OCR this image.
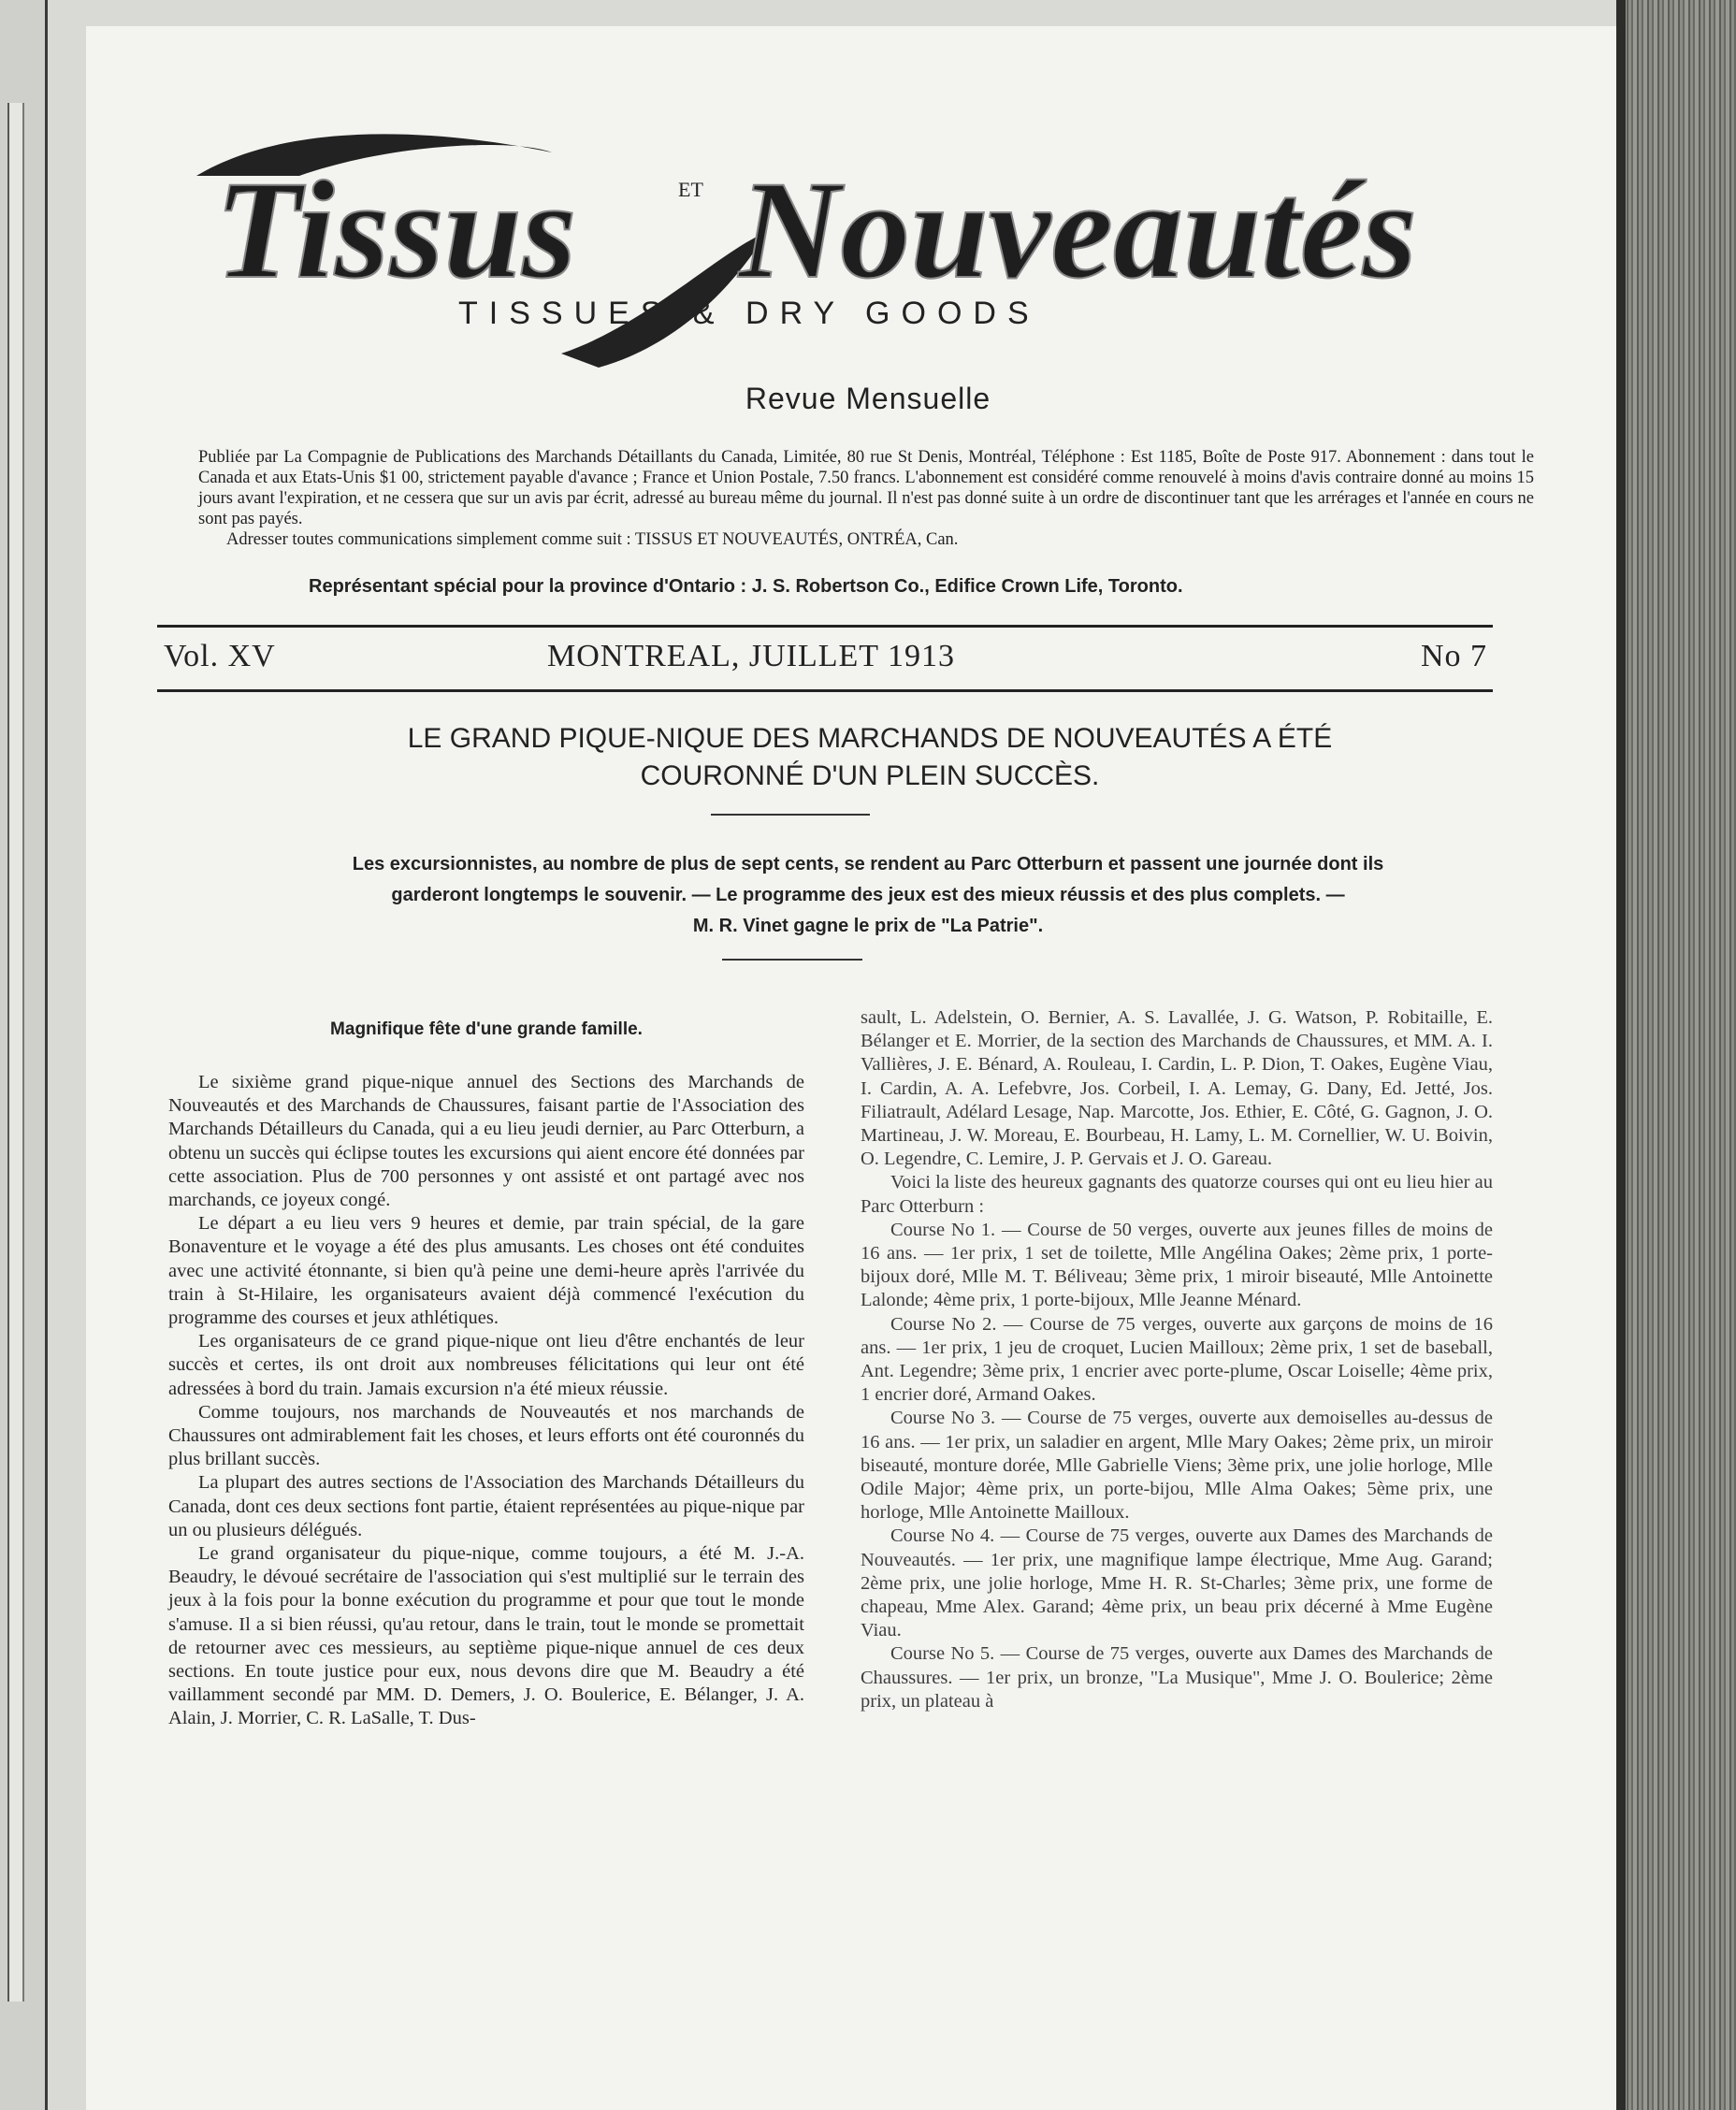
Tissus	ET Nouveautés
TISSUES & DRY GOODS
Revue Mensuelle
Publiée par La Compagnie de Publications des Marchands Détaillants du Canada, Limitée, 80 rue St Denis, Montréal, Téléphone : Est 1185, Boîte de Poste 917. Abonnement : dans tout le Canada et aux Etats-Unis $1 00, strictement payable d'avance ; France et Union Postale, 7.50 francs. L'abonnement est considéré comme renouvelé à moins d'avis contraire donné au moins 15 jours avant l'expiration, et ne cessera que sur un avis par écrit, adressé au bureau même du journal. Il n'est pas donné suite à un ordre de discontinuer tant que les arrérages et l'année en cours ne sont pas payés.
Adresser toutes communications simplement comme suit : TISSUS ET NOUVEAUTÉS, ONTRÉA, Can.
Représentant spécial pour la province d'Ontario : J. S. Robertson Co., Edifice Crown Life, Toronto.
Vol. XV	MONTREAL, JUILLET 1913	No 7
LE GRAND PIQUE-NIQUE DES MARCHANDS DE NOUVEAUTÉS A ÉTÉ
COURONNÉ D'UN PLEIN SUCCÈS.
Les excursionnistes, au nombre de plus de sept cents, se rendent au Parc Otterburn et passent une journée dont ils
garderont longtemps le souvenir. — Le programme des jeux est des mieux réussis et des plus complets. —
M. R. Vinet gagne le prix de "La Patrie".
Magnifique fête d'une grande famille.

Le sixième grand pique-nique annuel des Sections des Marchands de Nouveautés et des Marchands de Chaussures, faisant partie de l'Association des Marchands Détailleurs du Canada, qui a eu lieu jeudi dernier, au Parc Otterburn, a obtenu un succès qui éclipse toutes les excursions qui aient encore été données par cette association. Plus de 700 personnes y ont assisté et ont partagé avec nos marchands, ce joyeux congé.

Le départ a eu lieu vers 9 heures et demie, par train spécial, de la gare Bonaventure et le voyage a été des plus amusants. Les choses ont été conduites avec une activité étonnante, si bien qu'à peine une demi-heure après l'arrivée du train à St-Hilaire, les organisateurs avaient déjà commencé l'exécution du programme des courses et jeux athlétiques.

Les organisateurs de ce grand pique-nique ont lieu d'être enchantés de leur succès et certes, ils ont droit aux nombreuses félicitations qui leur ont été adressées à bord du train. Jamais excursion n'a été mieux réussie.

Comme toujours, nos marchands de Nouveautés et nos marchands de Chaussures ont admirablement fait les choses, et leurs efforts ont été couronnés du plus brillant succès.

La plupart des autres sections de l'Association des Marchands Détailleurs du Canada, dont ces deux sections font partie, étaient représentées au pique-nique par un ou plusieurs délégués.

Le grand organisateur du pique-nique, comme toujours, a été M. J.-A. Beaudry, le dévoué secrétaire de l'association qui s'est multiplié sur le terrain des jeux à la fois pour la bonne exécution du programme et pour que tout le monde s'amuse. Il a si bien réussi, qu'au retour, dans le train, tout le monde se promettait de retourner avec ces messieurs, au septième pique-nique annuel de ces deux sections. En toute justice pour eux, nous devons dire que M. Beaudry a été vaillamment secondé par MM. D. Demers, J. O. Boulerice, E. Bélanger, J. A. Alain, J. Morrier, C. R. LaSalle, T. Dus-

sault, L. Adelstein, O. Bernier, A. S. Lavallée, J. G. Watson, P. Robitaille, E. Bélanger et E. Morrier, de la section des Marchands de Chaussures, et MM. A. I. Vallières, J. E. Bénard, A. Rouleau, I. Cardin, L. P. Dion, T. Oakes, Eugène Viau, I. Cardin, A. A. Lefebvre, Jos. Corbeil, I. A. Lemay, G. Dany, Ed. Jetté, Jos. Filiatrault, Adélard Lesage, Nap. Marcotte, Jos. Ethier, E. Côté, G. Gagnon, J. O. Martineau, J. W. Moreau, E. Bourbeau, H. Lamy, L. M. Cornellier, W. U. Boivin, O. Legendre, C. Lemire, J. P. Gervais et J. O. Gareau.

Voici la liste des heureux gagnants des quatorze courses qui ont eu lieu hier au Parc Otterburn :

Course No 1. — Course de 50 verges, ouverte aux jeunes filles de moins de 16 ans. — 1er prix, 1 set de toilette, Mlle Angélina Oakes; 2ème prix, 1 porte-bijoux doré, Mlle M. T. Béliveau; 3ème prix, 1 miroir biseauté, Mlle Antoinette Lalonde; 4ème prix, 1 porte-bijoux, Mlle Jeanne Ménard.

Course No 2. — Course de 75 verges, ouverte aux garçons de moins de 16 ans. — 1er prix, 1 jeu de croquet, Lucien Mailloux; 2ème prix, 1 set de baseball, Ant. Legendre; 3ème prix, 1 encrier avec porte-plume, Oscar Loiselle; 4ème prix, 1 encrier doré, Armand Oakes.

Course No 3. — Course de 75 verges, ouverte aux demoiselles au-dessus de 16 ans. — 1er prix, un saladier en argent, Mlle Mary Oakes; 2ème prix, un miroir biseauté, monture dorée, Mlle Gabrielle Viens; 3ème prix, une jolie horloge, Mlle Odile Major; 4ème prix, un porte-bijou, Mlle Alma Oakes; 5ème prix, une horloge, Mlle Antoinette Mailloux.

Course No 4. — Course de 75 verges, ouverte aux Dames des Marchands de Nouveautés. — 1er prix, une magnifique lampe électrique, Mme Aug. Garand; 2ème prix, une jolie horloge, Mme H. R. St-Charles; 3ème prix, une forme de chapeau, Mme Alex. Garand; 4ème prix, un beau prix décerné à Mme Eugène Viau.

Course No 5. — Course de 75 verges, ouverte aux Dames des Marchands de Chaussures. — 1er prix, un bronze, "La Musique", Mme J. O. Boulerice; 2ème prix, un plateau à
